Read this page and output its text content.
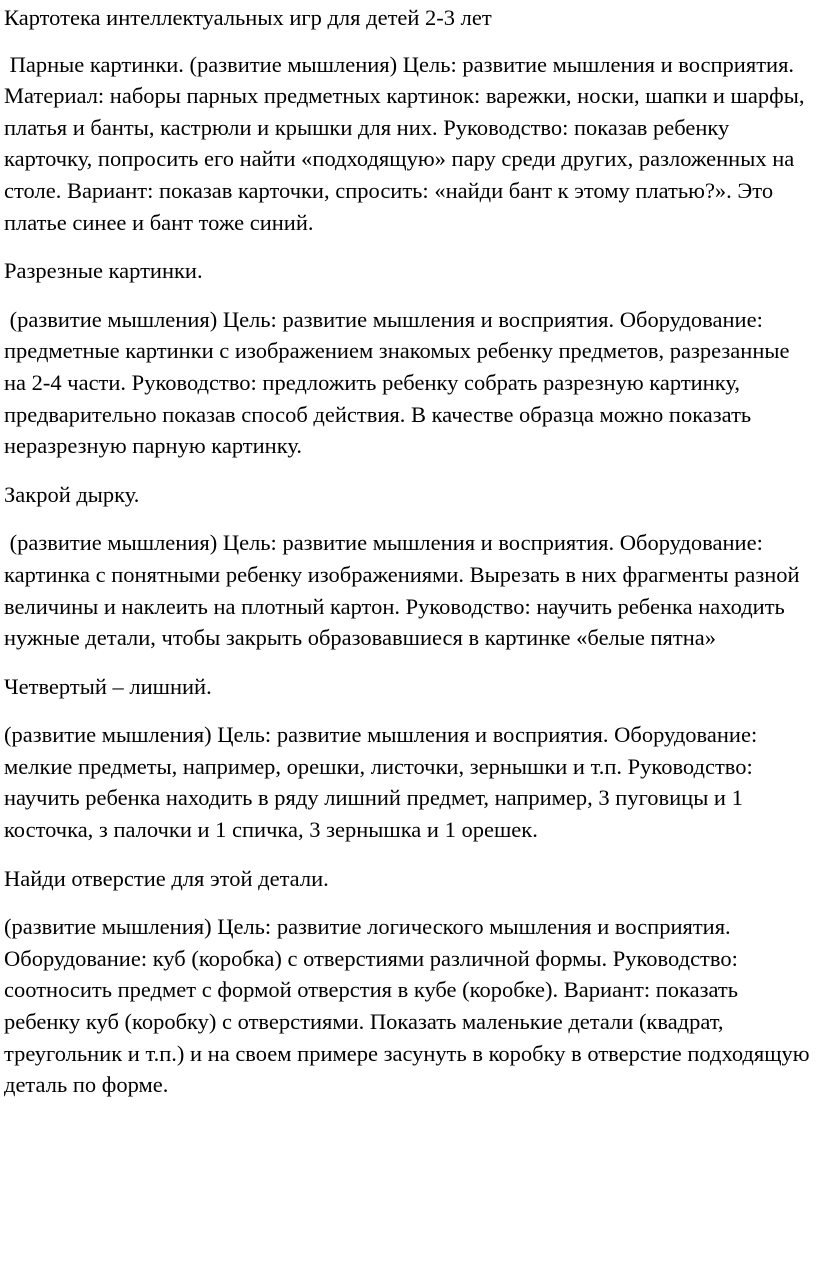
Картотека интеллектуальных игр для детей 2-3 лет

Парные картинки. (развитие мышления) Цель: развитие мышления и восприятия. Материал: наборы парных предметных картинок: варежки, носки, шапки и шарфы, платья и банты, кастрюли и крышки для них. Руководство: показав ребенку карточку, попросить его найти «подходящую» пару среди других, разложенных на столе. Вариант: показав карточки, спросить: «найди бант к этому платью?». Это платье синее и бант тоже синий.

Разрезные картинки.

(развитие мышления) Цель: развитие мышления и восприятия. Оборудование: предметные картинки с изображением знакомых ребенку предметов, разрезанные на 2-4 части. Руководство: предложить ребенку собрать разрезную картинку, предварительно показав способ действия. В качестве образца можно показать неразрезную парную картинку.

Закрой дырку.

(развитие мышления) Цель: развитие мышления и восприятия. Оборудование: картинка с понятными ребенку изображениями. Вырезать в них фрагменты разной величины и наклеить на плотный картон. Руководство: научить ребенка находить нужные детали, чтобы закрыть образовавшиеся в картинке «белые пятна»

Четвертый – лишний.

(развитие мышления) Цель: развитие мышления и восприятия. Оборудование: мелкие предметы, например, орешки, листочки, зернышки и т.п. Руководство: научить ребенка находить в ряду лишний предмет, например, 3 пуговицы и 1 косточка, з палочки и 1 спичка, 3 зернышка и 1 орешек.

Найди отверстие для этой детали.

(развитие мышления) Цель: развитие логического мышления и восприятия. Оборудование: куб (коробка) с отверстиями различной формы. Руководство: соотносить предмет с формой отверстия в кубе (коробке). Вариант: показать ребенку куб (коробку) с отверстиями. Показать маленькие детали (квадрат, треугольник и т.п.) и на своем примере засунуть в коробку в отверстие подходящую деталь по форме.
